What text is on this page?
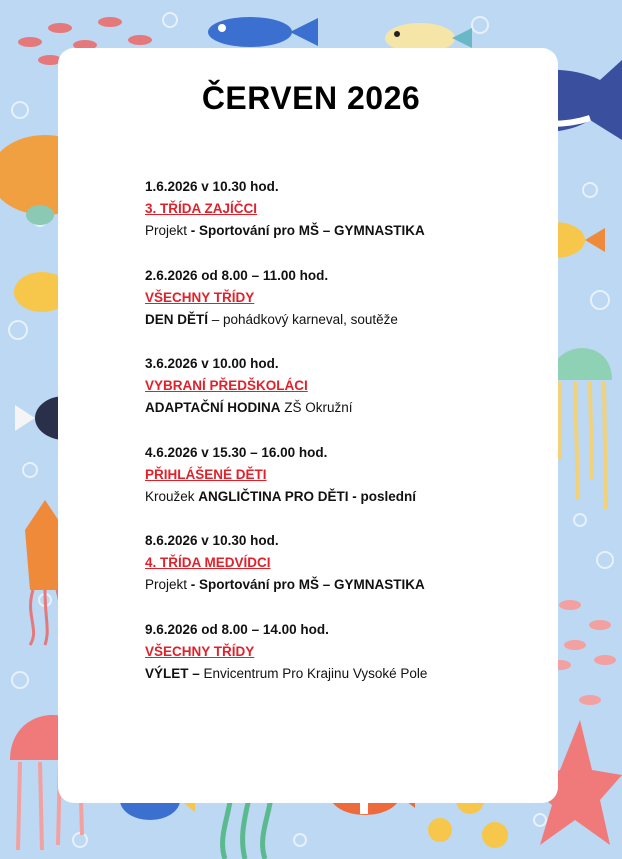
ČERVEN 2026
1.6.2026 v 10.30 hod.
3. TŘÍDA ZAJÍČCI
Projekt - Sportování pro MŠ – GYMNASTIKA
2.6.2026 od 8.00 – 11.00 hod.
VŠECHNY TŘÍDY
DEN DĚTÍ – pohádkový karneval, soutěže
3.6.2026 v 10.00 hod.
VYBRANÍ PŘEDŠKOLÁCI
ADAPTAČNÍ HODINA ZŠ Okružní
4.6.2026 v 15.30 – 16.00 hod.
PŘIHLÁŠENÉ DĚTI
Kroužek ANGLIČTINA PRO DĚTI - poslední
8.6.2026 v 10.30 hod.
4. TŘÍDA MEDVÍDCI
Projekt - Sportování pro MŠ – GYMNASTIKA
9.6.2026 od 8.00 – 14.00 hod.
VŠECHNY TŘÍDY
VÝLET – Envicentrum Pro Krajinu Vysoké Pole
